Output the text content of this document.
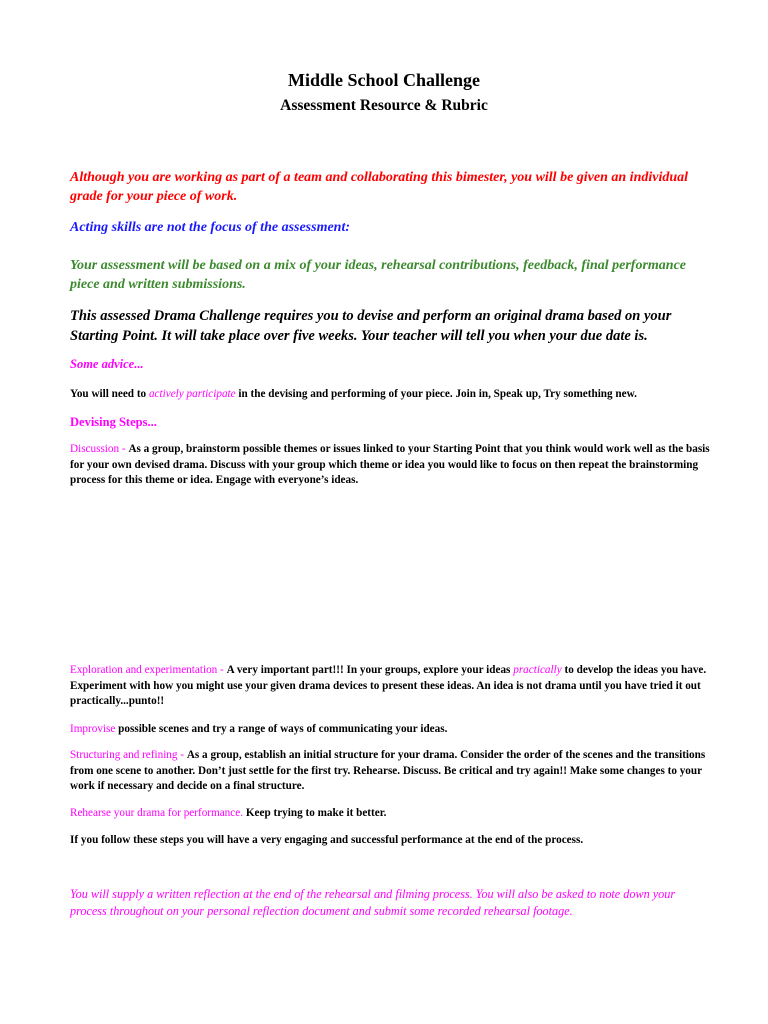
Middle School Challenge
Assessment Resource & Rubric
Although you are working as part of a team and collaborating this bimester, you will be given an individual grade for your piece of work.
Acting skills are not the focus of the assessment:
Your assessment will be based on a mix of your ideas, rehearsal contributions, feedback, final performance piece and written submissions.
This assessed Drama Challenge requires you to devise and perform an original drama based on your Starting Point. It will take place over five weeks. Your teacher will tell you when your due date is.
Some advice...
You will need to actively participate in the devising and performing of your piece. Join in, Speak up, Try something new.
Devising Steps...
Discussion - As a group, brainstorm possible themes or issues linked to your Starting Point that you think would work well as the basis for your own devised drama. Discuss with your group which theme or idea you would like to focus on then repeat the brainstorming process for this theme or idea. Engage with everyone’s ideas.
Exploration and experimentation - A very important part!!! In your groups, explore your ideas practically to develop the ideas you have. Experiment with how you might use your given drama devices to present these ideas. An idea is not drama until you have tried it out practically...punto!!
Improvise possible scenes and try a range of ways of communicating your ideas.
Structuring and refining - As a group, establish an initial structure for your drama. Consider the order of the scenes and the transitions from one scene to another. Don’t just settle for the first try. Rehearse. Discuss. Be critical and try again!! Make some changes to your work if necessary and decide on a final structure.
Rehearse your drama for performance. Keep trying to make it better.
If you follow these steps you will have a very engaging and successful performance at the end of the process.
You will supply a written reflection at the end of the rehearsal and filming process. You will also be asked to note down your process throughout on your personal reflection document and submit some recorded rehearsal footage.
